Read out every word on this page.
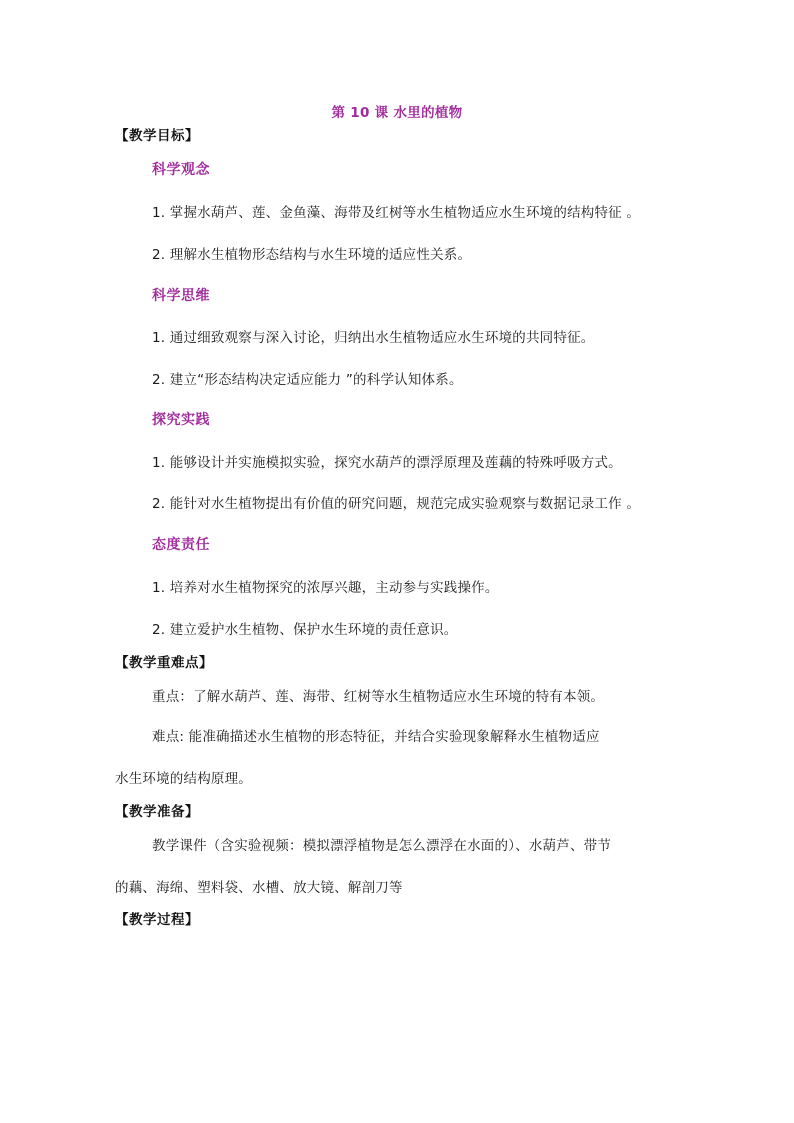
第 10 课 水里的植物
【教学目标】
科学观念
1. 掌握水葫芦、莲、金鱼藻、海带及红树等水生植物适应水生环境的结构特征 。
2. 理解水生植物形态结构与水生环境的适应性关系。
科学思维
1. 通过细致观察与深入讨论，归纳出水生植物适应水生环境的共同特征。
2. 建立“形态结构决定适应能力 ”的科学认知体系。
探究实践
1. 能够设计并实施模拟实验，探究水葫芦的漂浮原理及莲藕的特殊呼吸方式。
2. 能针对水生植物提出有价值的研究问题，规范完成实验观察与数据记录工作 。
态度责任
1. 培养对水生植物探究的浓厚兴趣，主动参与实践操作。
2. 建立爱护水生植物、保护水生环境的责任意识。
【教学重难点】
重点：了解水葫芦、莲、海带、红树等水生植物适应水生环境的特有本领。
难点: 能准确描述水生植物的形态特征，并结合实验现象解释水生植物适应
水生环境的结构原理。
【教学准备】
教学课件（含实验视频：模拟漂浮植物是怎么漂浮在水面的）、水葫芦、带节
的藕、海绵、塑料袋、水槽、放大镜、解剖刀等
【教学过程】
